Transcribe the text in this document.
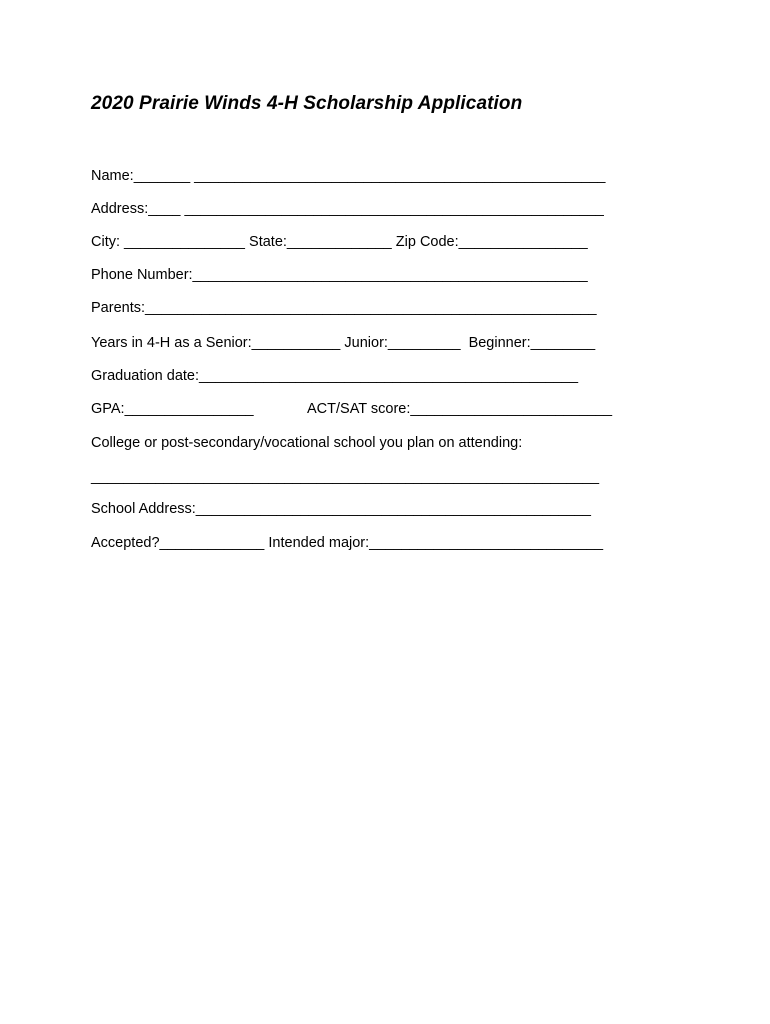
2020 Prairie Winds 4-H Scholarship Application
Name:_______ ___________________________________________________
Address:____ ____________________________________________________
City: _______________ State:_____________ Zip Code:________________
Phone Number:_________________________________________________
Parents:________________________________________________________
Years in 4-H as a Senior:___________ Junior:_________  Beginner:________
Graduation date:_______________________________________________
GPA:________________	ACT/SAT score:_________________________
College or post-secondary/vocational school you plan on attending:
_______________________________________________________________
School Address:_________________________________________________
Accepted?_____________ Intended major:_____________________________
